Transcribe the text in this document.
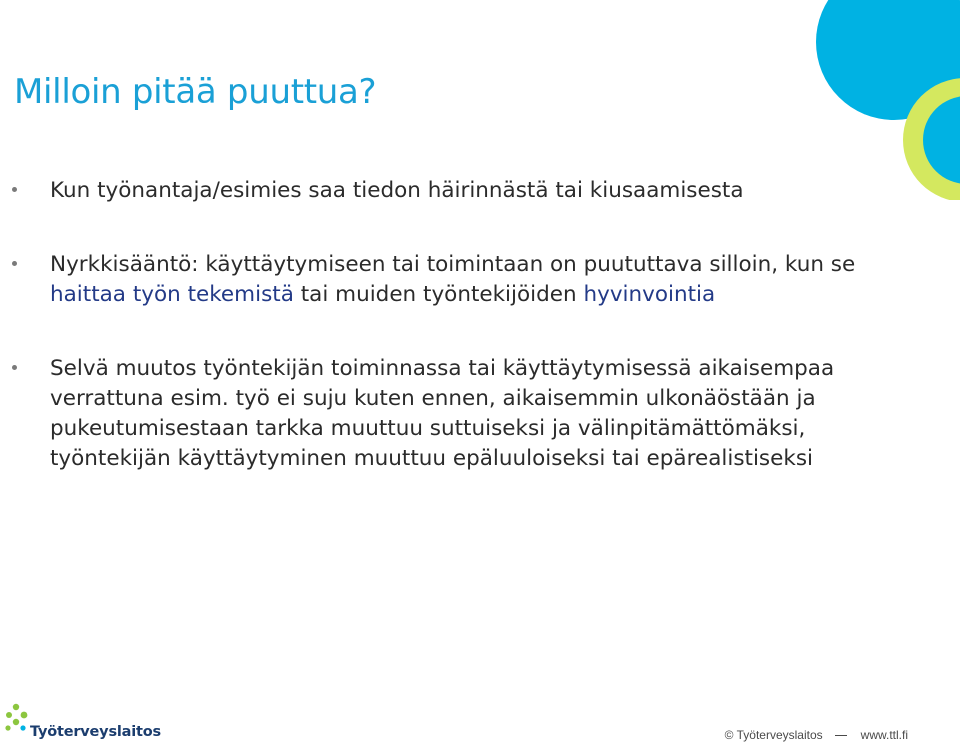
Milloin pitää puuttua?
Kun työnantaja/esimies saa tiedon häirinnästä tai kiusaamisesta
Nyrkkisääntö: käyttäytymiseen tai toimintaan on puututtava silloin, kun se haittaa työn tekemistä tai muiden työntekijöiden hyvinvointia
Selvä muutos työntekijän toiminnassa tai käyttäytymisessä aikaisempaa verrattuna esim. työ ei suju kuten ennen, aikaisemmin ulkonäöstään ja pukeutumisestaan tarkka muuttuu suttuiseksi ja välinpitämättömäksi, työntekijän käyttäytyminen muuttuu epäluuloiseksi tai epärealistiseksi
Työterveyslaitos	© Työterveyslaitos	www.ttl.fi
